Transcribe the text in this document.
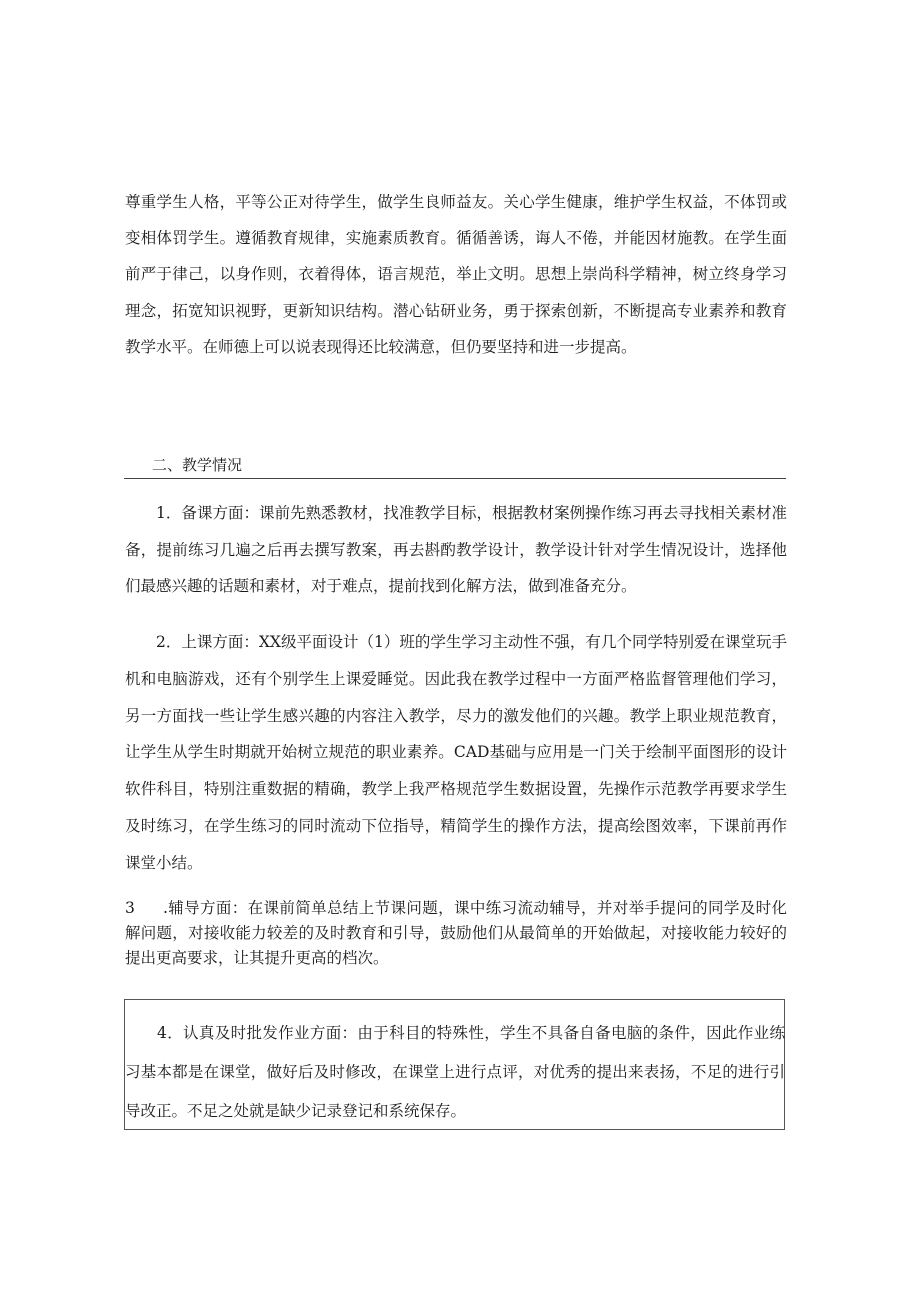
尊重学生人格，平等公正对待学生，做学生良师益友。关心学生健康，维护学生权益，不体罚或变相体罚学生。遵循教育规律，实施素质教育。循循善诱，诲人不倦，并能因材施教。在学生面前严于律己，以身作则，衣着得体，语言规范，举止文明。思想上崇尚科学精神，树立终身学习理念，拓宽知识视野，更新知识结构。潜心钻研业务，勇于探索创新，不断提高专业素养和教育教学水平。在师德上可以说表现得还比较满意，但仍要坚持和进一步提高。

二、教学情况

1．备课方面：课前先熟悉教材，找准教学目标，根据教材案例操作练习再去寻找相关素材准备，提前练习几遍之后再去撰写教案，再去斟酌教学设计，教学设计针对学生情况设计，选择他们最感兴趣的话题和素材，对于难点，提前找到化解方法，做到准备充分。

2．上课方面：XX级平面设计（1）班的学生学习主动性不强，有几个同学特别爱在课堂玩手机和电脑游戏，还有个别学生上课爱睡觉。因此我在教学过程中一方面严格监督管理他们学习，另一方面找一些让学生感兴趣的内容注入教学，尽力的激发他们的兴趣。教学上职业规范教育，让学生从学生时期就开始树立规范的职业素养。CAD基础与应用是一门关于绘制平面图形的设计软件科目，特别注重数据的精确，教学上我严格规范学生数据设置，先操作示范教学再要求学生及时练习，在学生练习的同时流动下位指导，精简学生的操作方法，提高绘图效率，下课前再作课堂小结。

3 .辅导方面：在课前简单总结上节课问题，课中练习流动辅导，并对举手提问的同学及时化解问题，对接收能力较差的及时教育和引导，鼓励他们从最简单的开始做起，对接收能力较好的提出更高要求，让其提升更高的档次。

4．认真及时批发作业方面：由于科目的特殊性，学生不具备自备电脑的条件，因此作业练习基本都是在课堂，做好后及时修改，在课堂上进行点评，对优秀的提出来表扬，不足的进行引导改正。不足之处就是缺少记录登记和系统保存。
